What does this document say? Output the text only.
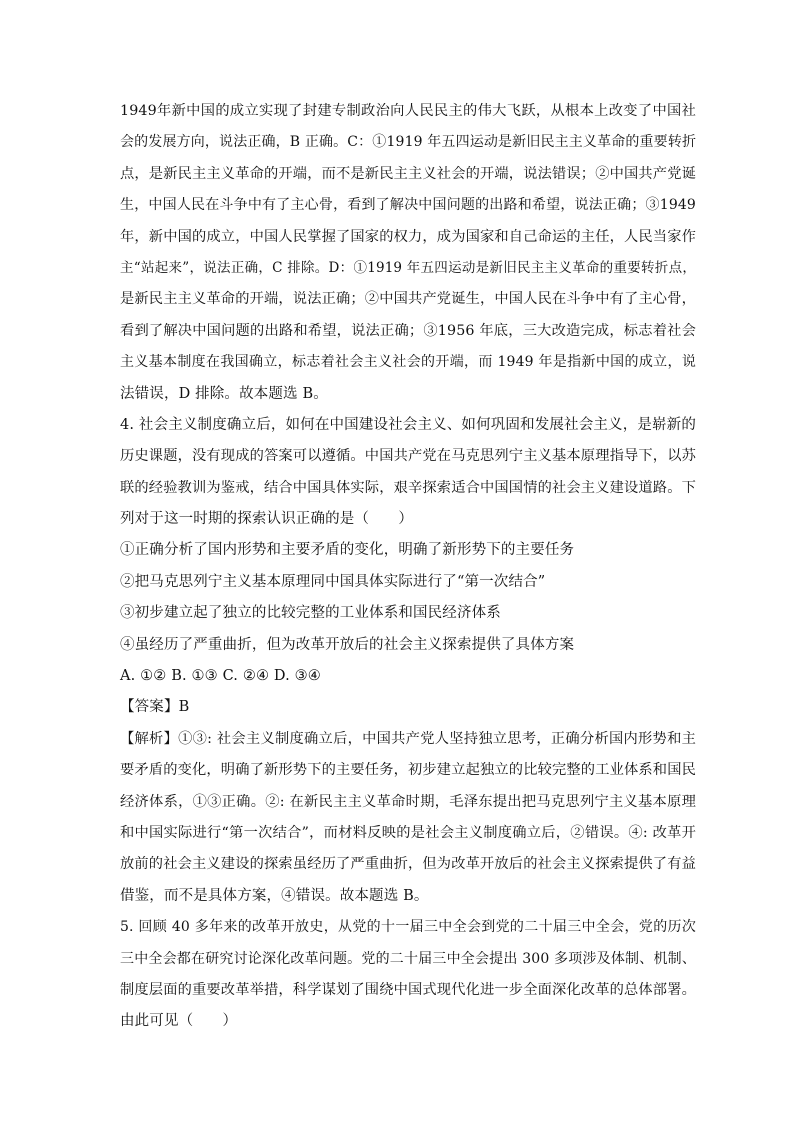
1949年新中国的成立实现了封建专制政治向人民民主的伟大飞跃，从根本上改变了中国社
会的发展方向，说法正确，B 正确。C：①1919 年五四运动是新旧民主主义革命的重要转折
点，是新民主主义革命的开端，而不是新民主主义社会的开端，说法错误；②中国共产党诞
生，中国人民在斗争中有了主心骨，看到了解决中国问题的出路和希望，说法正确；③1949
年，新中国的成立，中国人民掌握了国家的权力，成为国家和自己命运的主任，人民当家作
主“站起来”，说法正确，C 排除。D：①1919 年五四运动是新旧民主主义革命的重要转折点，
是新民主主义革命的开端，说法正确；②中国共产党诞生，中国人民在斗争中有了主心骨，
看到了解决中国问题的出路和希望，说法正确；③1956 年底，三大改造完成，标志着社会
主义基本制度在我国确立，标志着社会主义社会的开端，而 1949 年是指新中国的成立，说
法错误，D 排除。故本题选 B。
4. 社会主义制度确立后，如何在中国建设社会主义、如何巩固和发展社会主义，是崭新的
历史课题，没有现成的答案可以遵循。中国共产党在马克思列宁主义基本原理指导下，以苏
联的经验教训为鉴戒，结合中国具体实际，艰辛探索适合中国国情的社会主义建设道路。下
列对于这一时期的探索认识正确的是（　　）
①正确分析了国内形势和主要矛盾的变化，明确了新形势下的主要任务
②把马克思列宁主义基本原理同中国具体实际进行了“第一次结合”
③初步建立起了独立的比较完整的工业体系和国民经济体系
④虽经历了严重曲折，但为改革开放后的社会主义探索提供了具体方案
A. ①② B. ①③ C. ②④ D. ③④
【答案】B
【解析】①③: 社会主义制度确立后，中国共产党人坚持独立思考，正确分析国内形势和主
要矛盾的变化，明确了新形势下的主要任务，初步建立起独立的比较完整的工业体系和国民
经济体系，①③正确。②: 在新民主主义革命时期，毛泽东提出把马克思列宁主义基本原理
和中国实际进行“第一次结合”，而材料反映的是社会主义制度确立后，②错误。④: 改革开
放前的社会主义建设的探索虽经历了严重曲折，但为改革开放后的社会主义探索提供了有益
借鉴，而不是具体方案，④错误。故本题选 B。
5. 回顾 40 多年来的改革开放史，从党的十一届三中全会到党的二十届三中全会，党的历次
三中全会都在研究讨论深化改革问题。党的二十届三中全会提出 300 多项涉及体制、机制、
制度层面的重要改革举措，科学谋划了围绕中国式现代化进一步全面深化改革的总体部署。
由此可见（　　）
